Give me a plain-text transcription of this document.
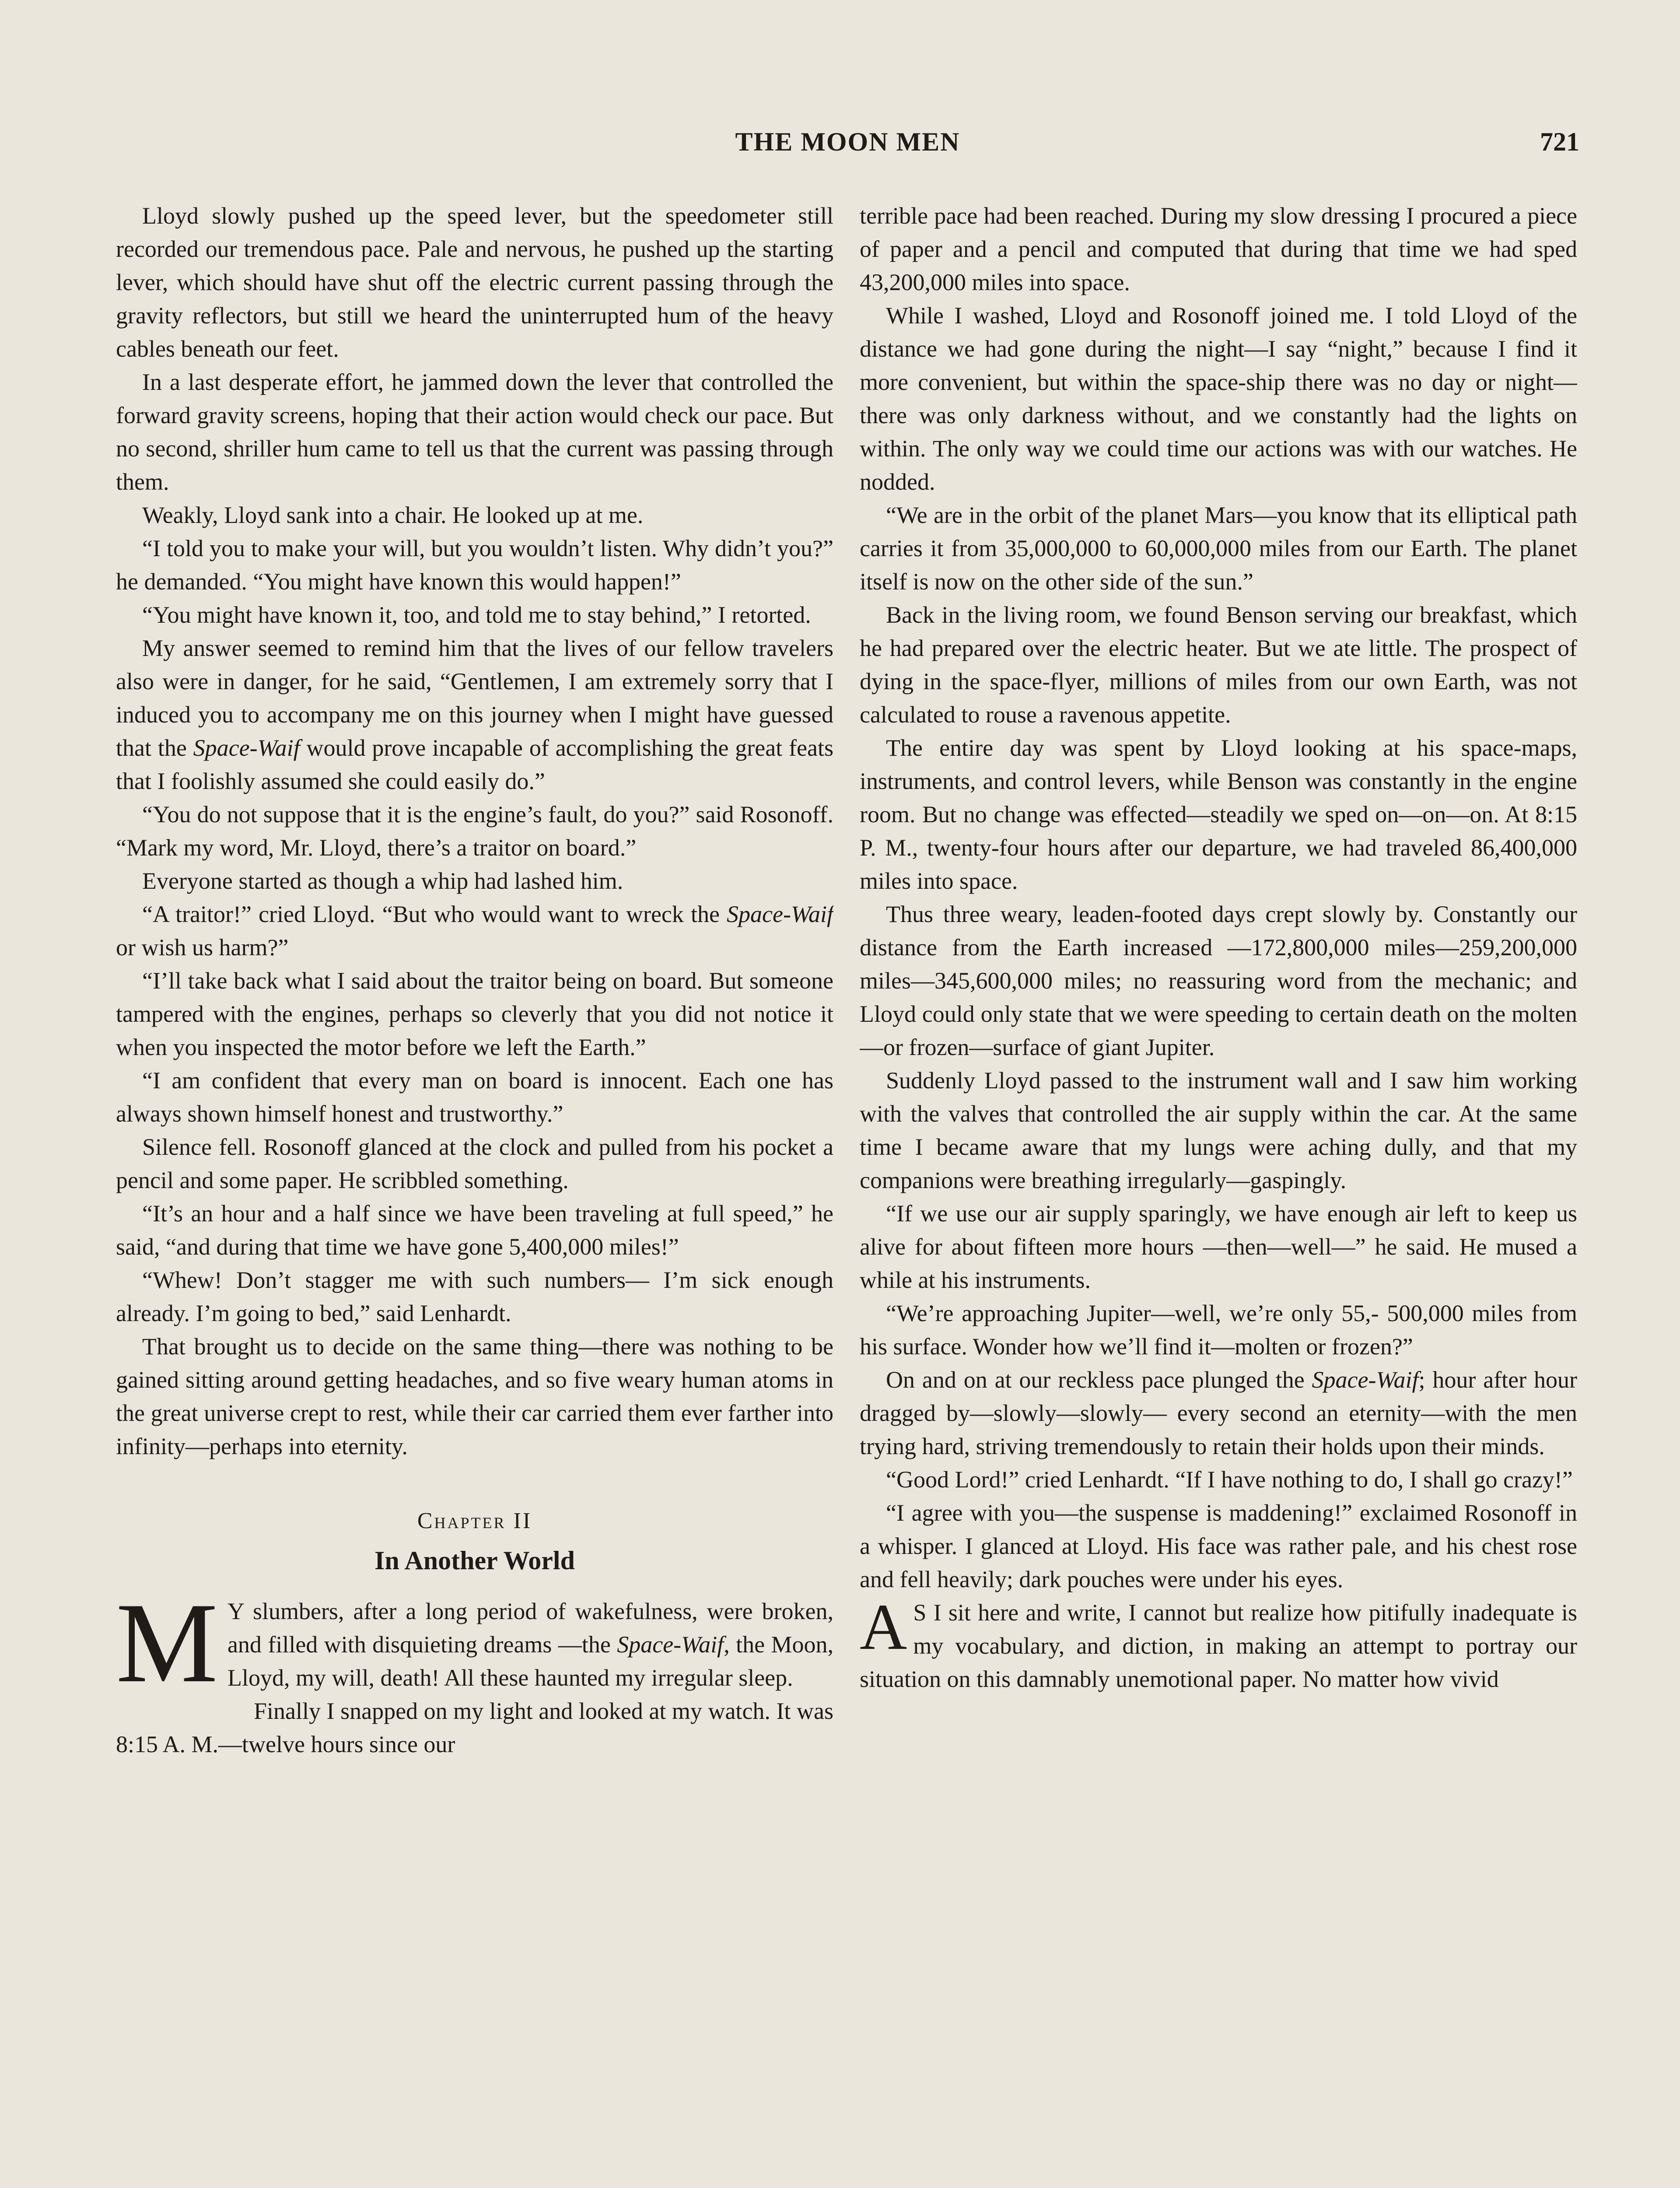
THE MOON MEN	721

Lloyd slowly pushed up the speed lever, but the speedometer still recorded our tremendous pace. Pale and nervous, he pushed up the starting lever, which should have shut off the electric current passing through the gravity reflectors, but still we heard the uninterrupted hum of the heavy cables beneath our feet.

In a last desperate effort, he jammed down the lever that controlled the forward gravity screens, hoping that their action would check our pace. But no second, shriller hum came to tell us that the current was passing through them.

Weakly, Lloyd sank into a chair. He looked up at me.

“I told you to make your will, but you wouldn’t listen. Why didn’t you?” he demanded. “You might have known this would happen!”

“You might have known it, too, and told me to stay behind,” I retorted.

My answer seemed to remind him that the lives of our fellow travelers also were in danger, for he said, “Gentlemen, I am extremely sorry that I induced you to accompany me on this journey when I might have guessed that the Space-Waif would prove incapable of accomplishing the great feats that I foolishly assumed she could easily do.”

“You do not suppose that it is the engine’s fault, do you?” said Rosonoff. “Mark my word, Mr. Lloyd, there’s a traitor on board.”

Everyone started as though a whip had lashed him.

“A traitor!” cried Lloyd. “But who would want to wreck the Space-Waif or wish us harm?”

“I’ll take back what I said about the traitor being on board. But someone tampered with the engines, perhaps so cleverly that you did not notice it when you inspected the motor before we left the Earth.”

“I am confident that every man on board is innocent. Each one has always shown himself honest and trustworthy.”

Silence fell. Rosonoff glanced at the clock and pulled from his pocket a pencil and some paper. He scribbled something.

“It’s an hour and a half since we have been traveling at full speed,” he said, “and during that time we have gone 5,400,000 miles!”

“Whew! Don’t stagger me with such numbers— I’m sick enough already. I’m going to bed,” said Lenhardt.

That brought us to decide on the same thing—there was nothing to be gained sitting around getting headaches, and so five weary human atoms in the great universe crept to rest, while their car carried them ever farther into infinity—perhaps into eternity.

Chapter II
In Another World

M Y slumbers, after a long period of wakefulness, were broken, and filled with disquieting dreams —the Space-Waif, the Moon, Lloyd, my will, death! All these haunted my irregular sleep.

Finally I snapped on my light and looked at my watch. It was 8:15 A. M.—twelve hours since our

terrible pace had been reached. During my slow dressing I procured a piece of paper and a pencil and computed that during that time we had sped 43,200,000 miles into space.

While I washed, Lloyd and Rosonoff joined me. I told Lloyd of the distance we had gone during the night—I say “night,” because I find it more convenient, but within the space-ship there was no day or night—there was only darkness without, and we constantly had the lights on within. The only way we could time our actions was with our watches. He nodded.

“We are in the orbit of the planet Mars—you know that its elliptical path carries it from 35,000,000 to 60,000,000 miles from our Earth. The planet itself is now on the other side of the sun.”

Back in the living room, we found Benson serving our breakfast, which he had prepared over the electric heater. But we ate little. The prospect of dying in the space-flyer, millions of miles from our own Earth, was not calculated to rouse a ravenous appetite.

The entire day was spent by Lloyd looking at his space-maps, instruments, and control levers, while Benson was constantly in the engine room. But no change was effected—steadily we sped on—on—on. At 8:15 P. M., twenty-four hours after our departure, we had traveled 86,400,000 miles into space.

Thus three weary, leaden-footed days crept slowly by. Constantly our distance from the Earth increased —172,800,000 miles—259,200,000 miles—345,600,000 miles; no reassuring word from the mechanic; and Lloyd could only state that we were speeding to certain death on the molten—or frozen—surface of giant Jupiter.

Suddenly Lloyd passed to the instrument wall and I saw him working with the valves that controlled the air supply within the car. At the same time I became aware that my lungs were aching dully, and that my companions were breathing irregularly—gaspingly.

“If we use our air supply sparingly, we have enough air left to keep us alive for about fifteen more hours —then—well—” he said. He mused a while at his instruments.

“We’re approaching Jupiter—well, we’re only 55,- 500,000 miles from his surface. Wonder how we’ll find it—molten or frozen?”

On and on at our reckless pace plunged the Space-Waif; hour after hour dragged by—slowly—slowly— every second an eternity—with the men trying hard, striving tremendously to retain their holds upon their minds.

“Good Lord!” cried Lenhardt. “If I have nothing to do, I shall go crazy!”

“I agree with you—the suspense is maddening!” exclaimed Rosonoff in a whisper. I glanced at Lloyd. His face was rather pale, and his chest rose and fell heavily; dark pouches were under his eyes.

A S I sit here and write, I cannot but realize how pitifully inadequate is my vocabulary, and diction, in making an attempt to portray our situation on this damnably unemotional paper. No matter how vivid
